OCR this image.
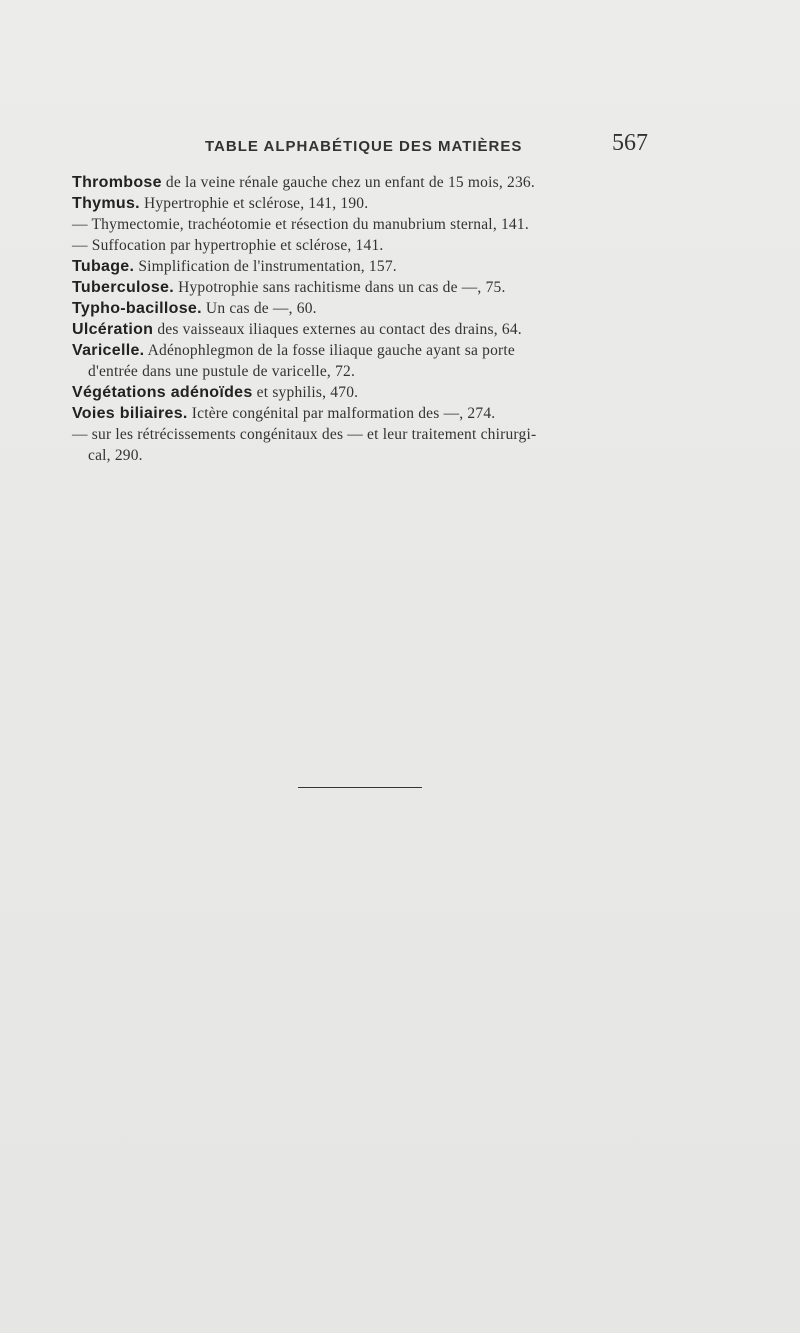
TABLE ALPHABÉTIQUE DES MATIÈRES	567

Thrombose de la veine rénale gauche chez un enfant de 15 mois, 236.

Thymus. Hypertrophie et sclérose, 141, 190.

— Thymectomie, trachéotomie et résection du manubrium sternal, 141.

— Suffocation par hypertrophie et sclérose, 141.

Tubage. Simplification de l'instrumentation, 157.

Tuberculose. Hypotrophie sans rachitisme dans un cas de —, 75.

Typho-bacillose. Un cas de —, 60.

Ulcération des vaisseaux iliaques externes au contact des drains, 64.

Varicelle. Adénophlegmon de la fosse iliaque gauche ayant sa porte
d'entrée dans une pustule de varicelle, 72.

Végétations adénoïdes et syphilis, 470.

Voies biliaires. Ictère congénital par malformation des —, 274.

— sur les rétrécissements congénitaux des — et leur traitement chirurgi-
cal, 290.
